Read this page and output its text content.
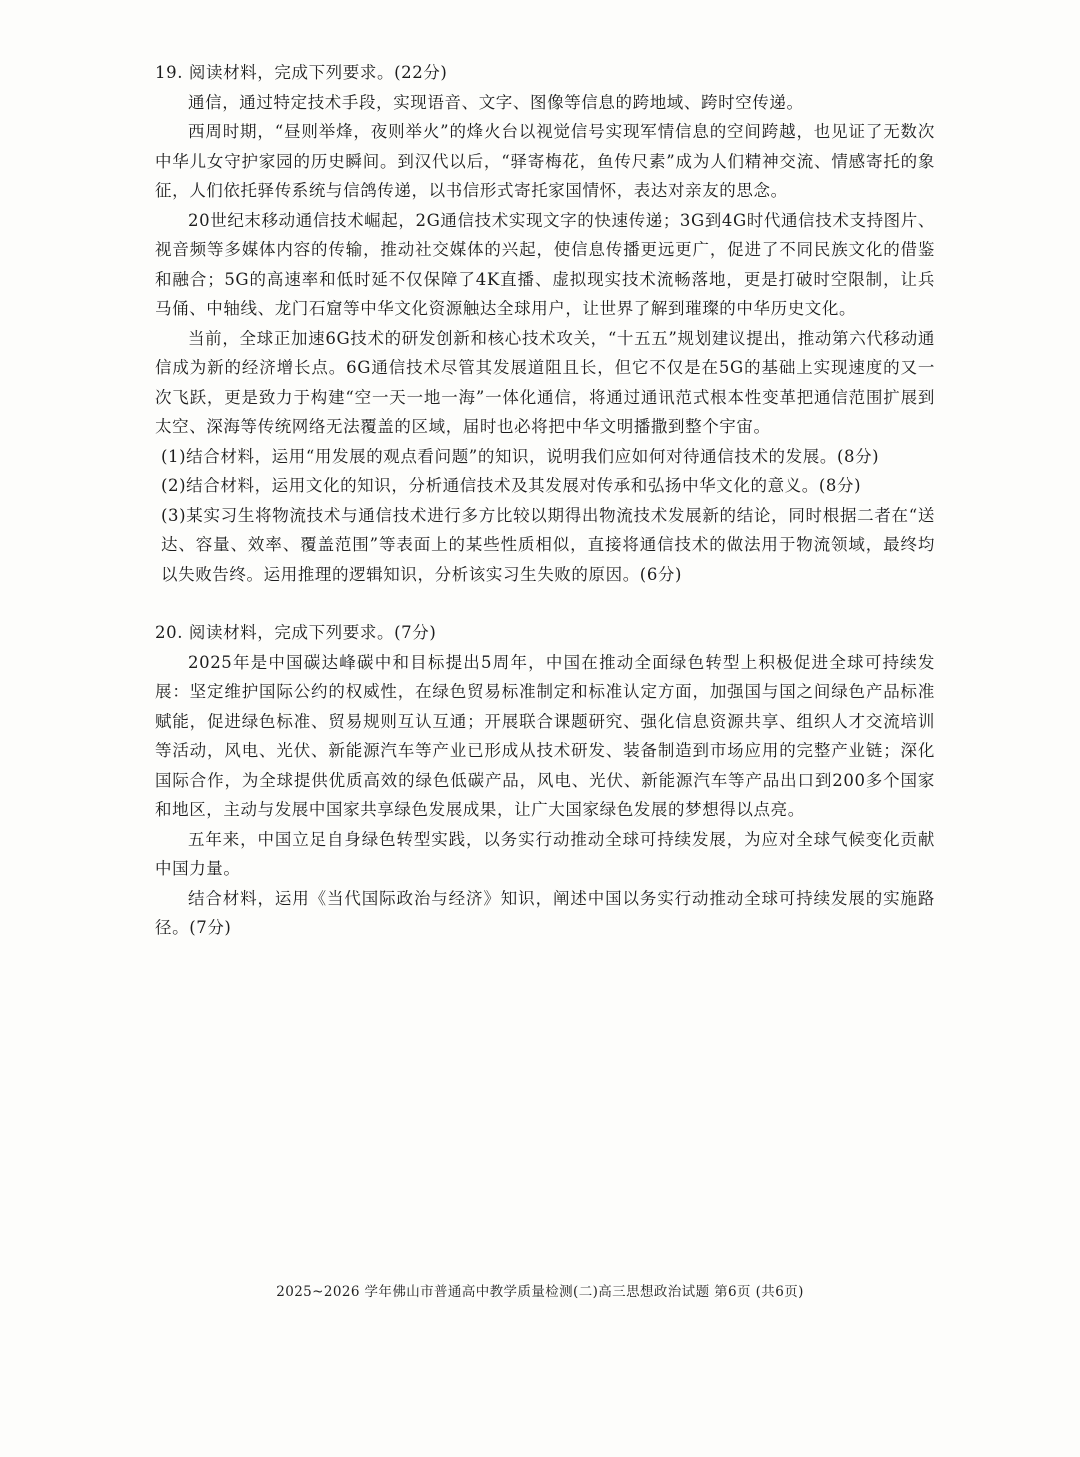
19. 阅读材料，完成下列要求。(22分)

通信，通过特定技术手段，实现语音、文字、图像等信息的跨地域、跨时空传递。

西周时期，“昼则举烽，夜则举火”的烽火台以视觉信号实现军情信息的空间跨越，也见证了无数次中华儿女守护家园的历史瞬间。到汉代以后，“驿寄梅花，鱼传尺素”成为人们精神交流、情感寄托的象征，人们依托驿传系统与信鸽传递，以书信形式寄托家国情怀，表达对亲友的思念。

20世纪末移动通信技术崛起，2G通信技术实现文字的快速传递；3G到4G时代通信技术支持图片、视音频等多媒体内容的传输，推动社交媒体的兴起，使信息传播更远更广，促进了不同民族文化的借鉴和融合；5G的高速率和低时延不仅保障了4K直播、虚拟现实技术流畅落地，更是打破时空限制，让兵马俑、中轴线、龙门石窟等中华文化资源触达全球用户，让世界了解到璀璨的中华历史文化。

当前，全球正加速6G技术的研发创新和核心技术攻关，“十五五”规划建议提出，推动第六代移动通信成为新的经济增长点。6G通信技术尽管其发展道阻且长，但它不仅是在5G的基础上实现速度的又一次飞跃，更是致力于构建“空一天一地一海”一体化通信，将通过通讯范式根本性变革把通信范围扩展到太空、深海等传统网络无法覆盖的区域，届时也必将把中华文明播撒到整个宇宙。

(1)结合材料，运用“用发展的观点看问题”的知识，说明我们应如何对待通信技术的发展。(8分)

(2)结合材料，运用文化的知识，分析通信技术及其发展对传承和弘扬中华文化的意义。(8分)

(3)某实习生将物流技术与通信技术进行多方比较以期得出物流技术发展新的结论，同时根据二者在“送达、容量、效率、覆盖范围”等表面上的某些性质相似，直接将通信技术的做法用于物流领域，最终均以失败告终。运用推理的逻辑知识，分析该实习生失败的原因。(6分)

20. 阅读材料，完成下列要求。(7分)

2025年是中国碳达峰碳中和目标提出5周年，中国在推动全面绿色转型上积极促进全球可持续发展：坚定维护国际公约的权威性，在绿色贸易标准制定和标准认定方面，加强国与国之间绿色产品标准赋能，促进绿色标准、贸易规则互认互通；开展联合课题研究、强化信息资源共享、组织人才交流培训等活动，风电、光伏、新能源汽车等产业已形成从技术研发、装备制造到市场应用的完整产业链；深化国际合作，为全球提供优质高效的绿色低碳产品，风电、光伏、新能源汽车等产品出口到200多个国家和地区，主动与发展中国家共享绿色发展成果，让广大国家绿色发展的梦想得以点亮。

五年来，中国立足自身绿色转型实践，以务实行动推动全球可持续发展，为应对全球气候变化贡献中国力量。

结合材料，运用《当代国际政治与经济》知识，阐述中国以务实行动推动全球可持续发展的实施路径。(7分)

2025~2026 学年佛山市普通高中教学质量检测(二)高三思想政治试题 第6页 (共6页)
